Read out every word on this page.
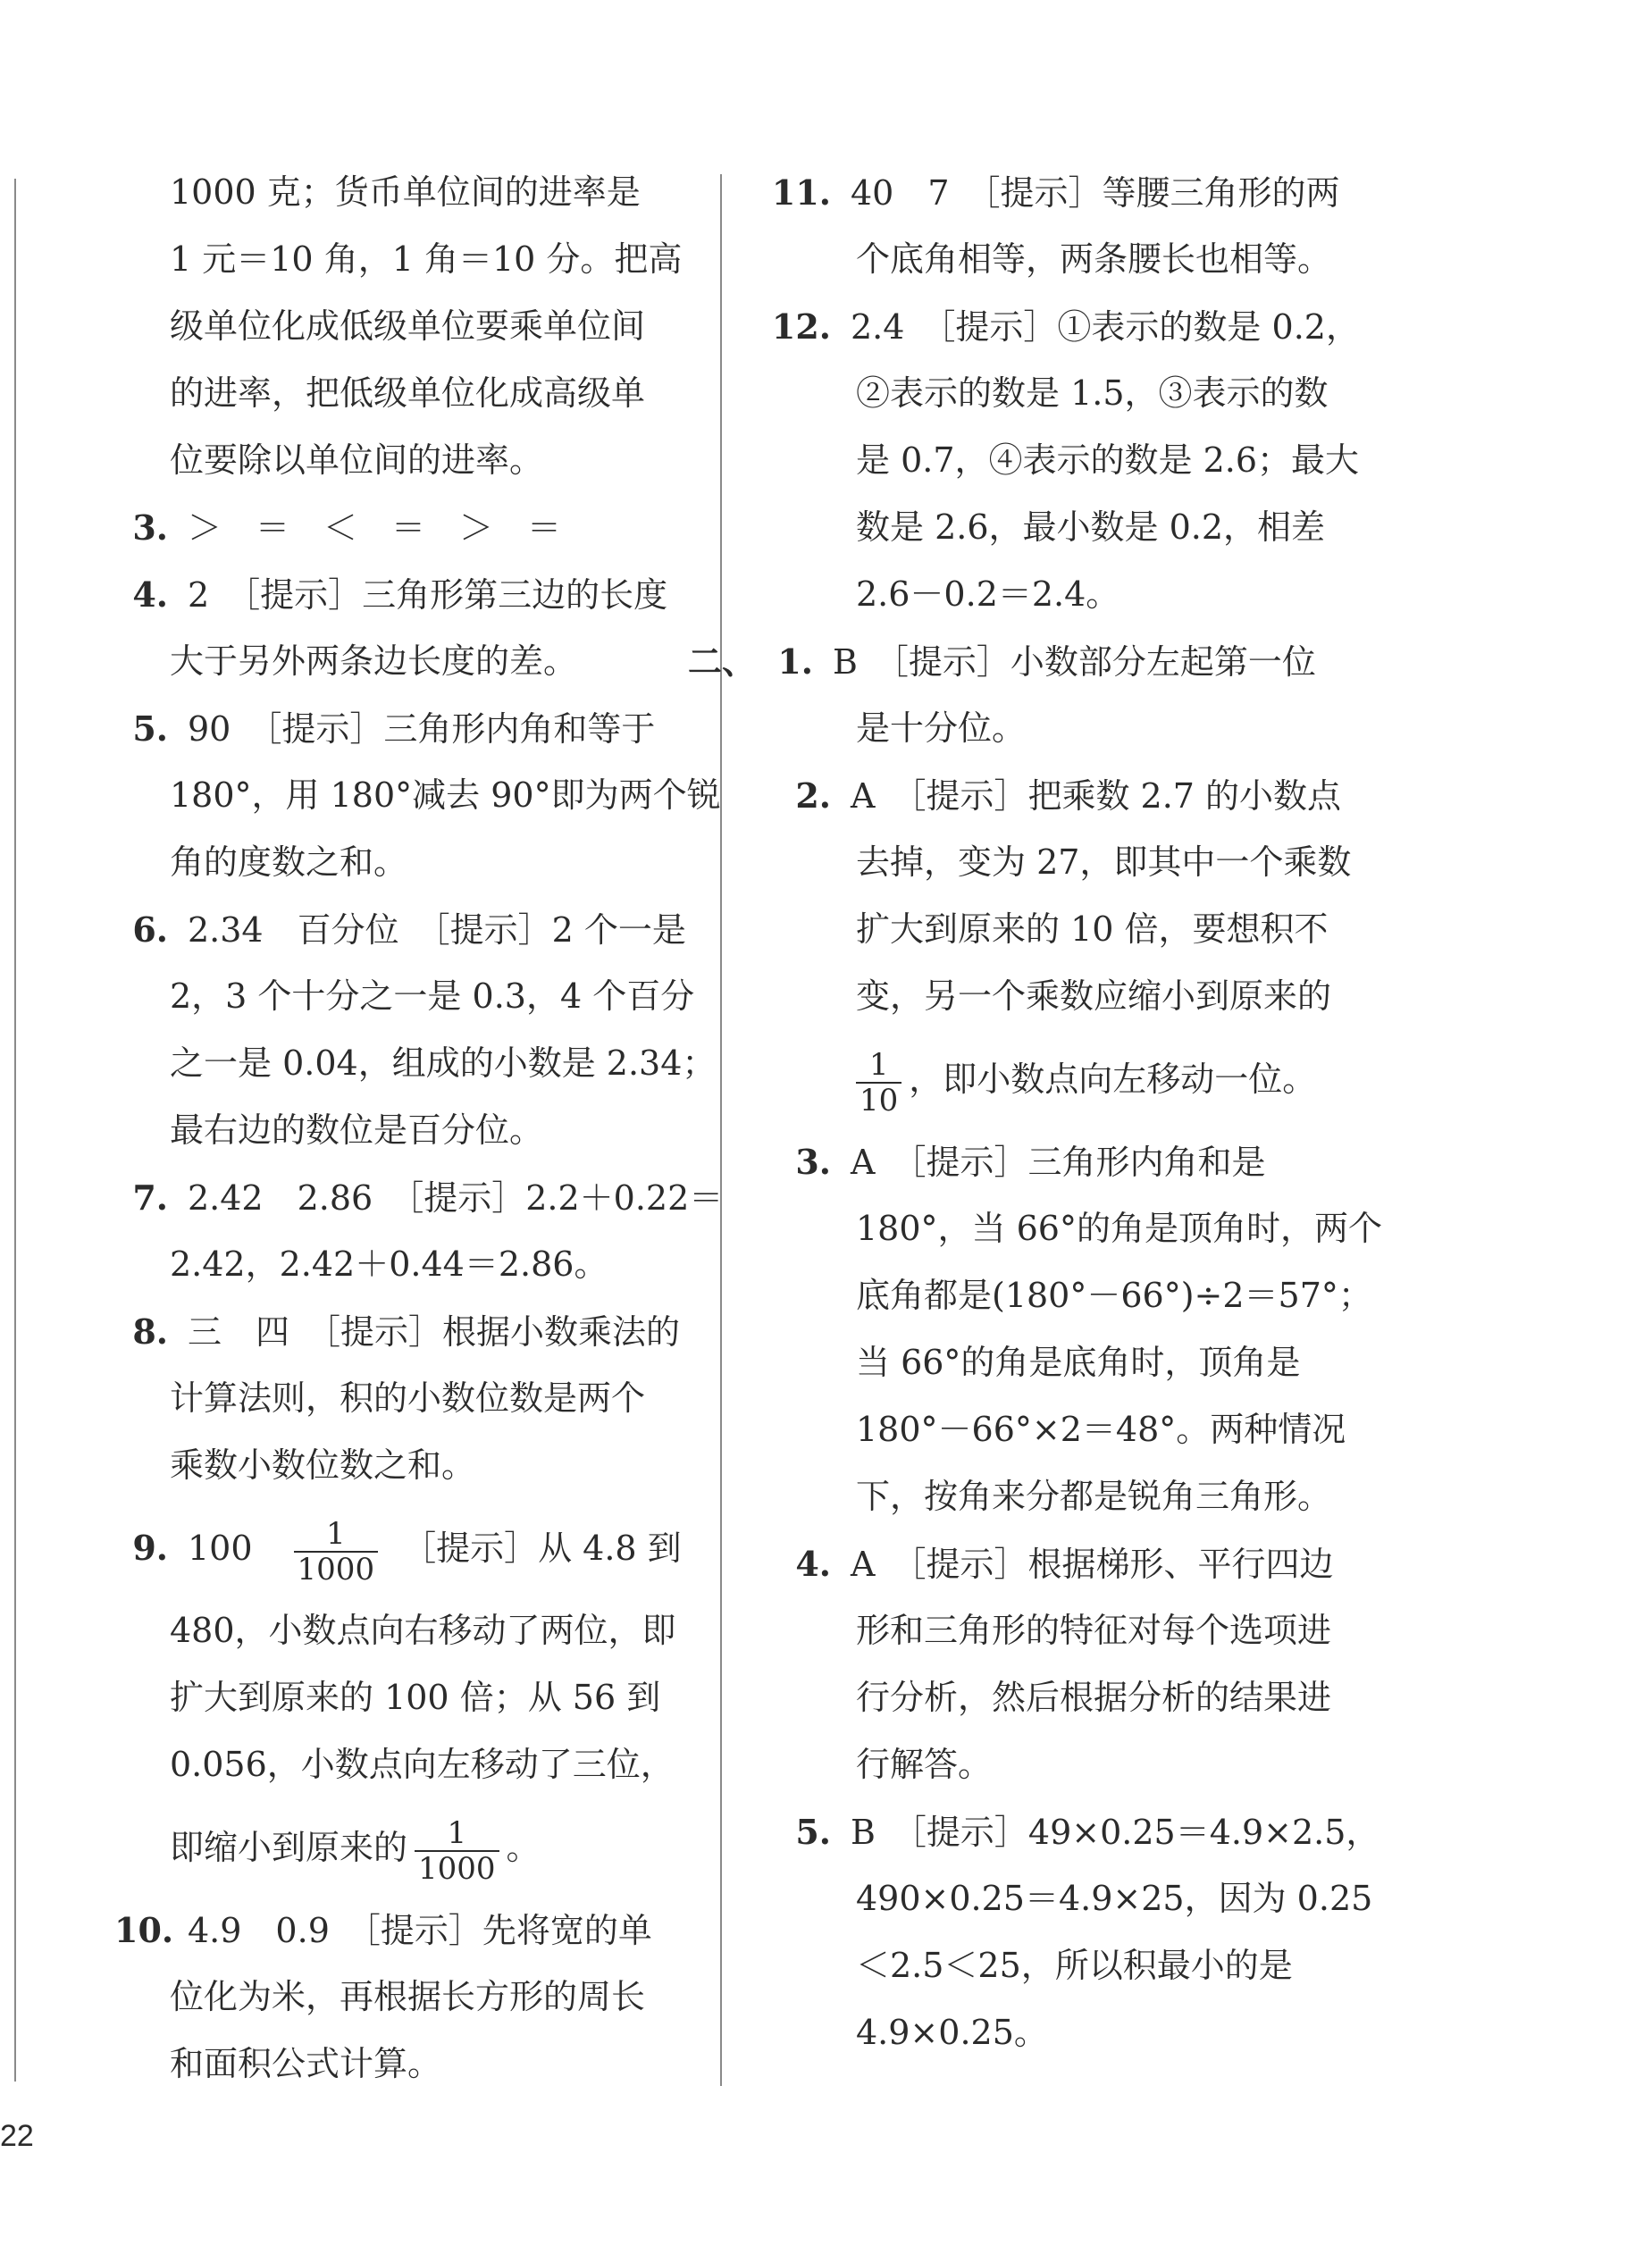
1000 克；货币单位间的进率是
1 元＝10 角，1 角＝10 分。把高
级单位化成低级单位要乘单位间
的进率，把低级单位化成高级单
位要除以单位间的进率。
3. ＞　＝　＜　＝　＞　＝
4. 2　［提示］三角形第三边的长度
大于另外两条边长度的差。
5. 90　［提示］三角形内角和等于
180°，用 180°减去 90°即为两个锐
角的度数之和。
6. 2.34　百分位　［提示］2 个一是
2，3 个十分之一是 0.3，4 个百分
之一是 0.04，组成的小数是 2.34；
最右边的数位是百分位。
7. 2.42　2.86　［提示］2.2＋0.22＝
2.42，2.42＋0.44＝2.86。
8. 三　四　［提示］根据小数乘法的
计算法则，积的小数位数是两个
乘数小数位数之和。
9. 100　 $\frac{1}{1000}$
　 ［提示］从 4.8 到
480，小数点向右移动了两位，即
扩大到原来的 100 倍；从 56 到
0.056，小数点向左移动了三位，
即缩小到原来的 $\frac{1}{1000}$ 。
10. 4.9　0.9　［提示］先将宽的单
位化为米，再根据长方形的周长
和面积公式计算。
11. 40　7　［提示］等腰三角形的两
个底角相等，两条腰长也相等。
12. 2.4　［提示］①表示的数是 0.2，
②表示的数是 1.5，③表示的数
是 0.7，④表示的数是 2.6；最大
数是 2.6，最小数是 0.2，相差
2.6－0.2＝2.4。
二、 1. B　［提示］小数部分左起第一位
是十分位。
2. A　［提示］把乘数 2.7 的小数点
去掉，变为 27，即其中一个乘数
扩大到原来的 10 倍，要想积不
变，另一个乘数应缩小到原来的
$\frac{1}{10}$ ，即小数点向左移动一位。
3. A　［提示］三角形内角和是
180°，当 66°的角是顶角时，两个
底角都是(180°－66°)÷2＝57°；
当 66°的角是底角时，顶角是
180°－66°×2＝48°。两种情况
下，按角来分都是锐角三角形。
4. A　［提示］根据梯形、平行四边
形和三角形的特征对每个选项进
行分析，然后根据分析的结果进
行解答。
5. B　［提示］49×0.25＝4.9×2.5，
490×0.25＝4.9×25，因为 0.25
＜2.5＜25，所以积最小的是
4.9×0.25。
22
